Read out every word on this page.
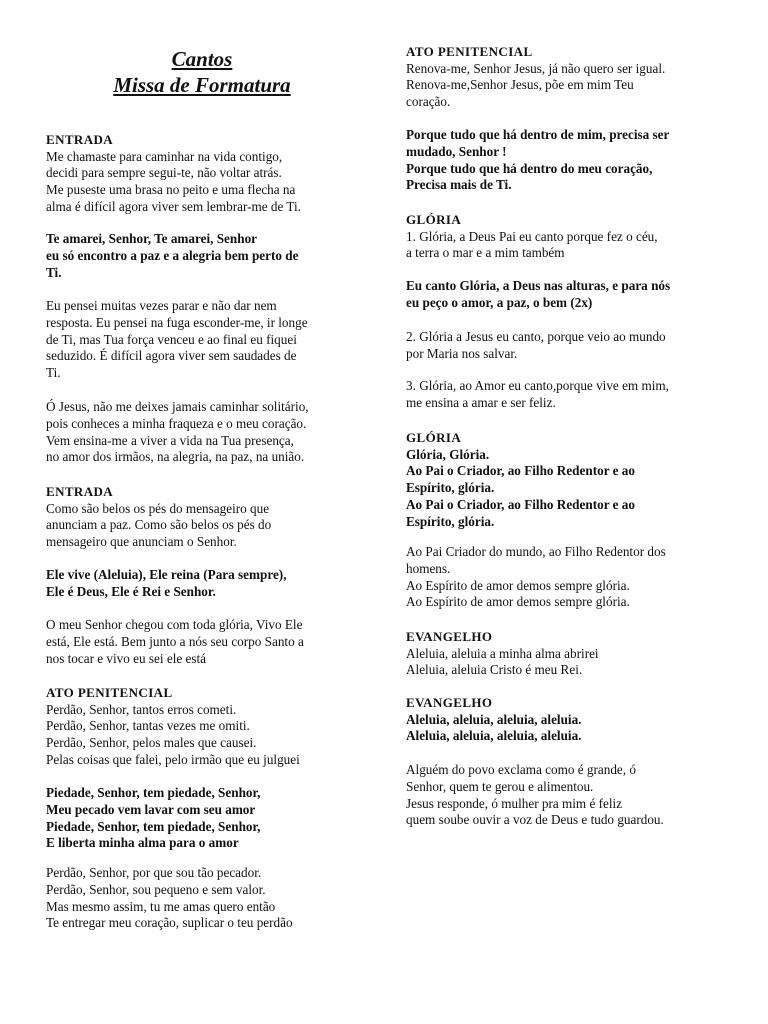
Cantos
Missa de Formatura
ENTRADA
Me chamaste para caminhar na vida contigo,
decidi para sempre segui-te, não voltar atrás.
Me puseste uma brasa no peito e uma flecha na
alma é difícil agora viver sem lembrar-me de Ti.
Te amarei, Senhor, Te amarei, Senhor
eu só encontro a paz e a alegria bem perto de
Ti.
Eu pensei muitas vezes parar e não dar nem
resposta. Eu pensei na fuga esconder-me, ir longe
de Ti, mas Tua força venceu e ao final eu fiquei
seduzido. É difícil agora viver sem saudades de
Ti.
Ó Jesus, não me deixes jamais caminhar solitário,
pois conheces a minha fraqueza e o meu coração.
Vem ensina-me a viver a vida na Tua presença,
no amor dos irmãos, na alegria, na paz, na união.
ENTRADA
Como são belos os pés do mensageiro que
anunciam a paz. Como são belos os pés do
mensageiro que anunciam o Senhor.
Ele vive (Aleluia), Ele reina (Para sempre),
Ele é Deus, Ele é Rei e Senhor.
O meu Senhor chegou com toda glória, Vivo Ele
está, Ele está. Bem junto a nós seu corpo Santo a
nos tocar e vivo eu sei ele está
ATO PENITENCIAL
Perdão, Senhor, tantos erros cometi.
Perdão, Senhor, tantas vezes me omiti.
Perdão, Senhor, pelos males que causei.
Pelas coisas que falei, pelo irmão que eu julguei
Piedade, Senhor, tem piedade, Senhor,
Meu pecado vem lavar com seu amor
Piedade, Senhor, tem piedade, Senhor,
E liberta minha alma para o amor
Perdão, Senhor, por que sou tão pecador.
Perdão, Senhor, sou pequeno e sem valor.
Mas mesmo assim, tu me amas quero então
Te entregar meu coração, suplicar o teu perdão
ATO PENITENCIAL
Renova-me, Senhor Jesus, já não quero ser igual.
Renova-me,Senhor Jesus, põe em mim Teu
coração.
Porque tudo que há dentro de mim, precisa ser
mudado, Senhor !
Porque tudo que há dentro do meu coração,
Precisa mais de Ti.
GLÓRIA
1. Glória, a Deus Pai eu canto porque fez o céu,
a terra o mar e a mim também
Eu canto Glória, a Deus nas alturas, e para nós
eu peço o amor, a paz, o bem (2x)
2. Glória a Jesus eu canto, porque veio ao mundo
por Maria nos salvar.
3. Glória, ao Amor eu canto,porque vive em mim,
me ensina a amar e ser feliz.
GLÓRIA
Glória, Glória.
Ao Pai o Criador, ao Filho Redentor e ao
Espírito, glória.
Ao Pai o Criador, ao Filho Redentor e ao
Espírito, glória.
Ao Pai Criador do mundo, ao Filho Redentor dos
homens.
Ao Espírito de amor demos sempre glória.
Ao Espírito de amor demos sempre glória.
EVANGELHO
Aleluia, aleluia a minha alma abrirei
Aleluia, aleluia Cristo é meu Rei.
EVANGELHO
Aleluia, aleluia, aleluia, aleluia.
Aleluia, aleluia, aleluia, aleluia.
Alguém do povo exclama como é grande, ó
Senhor, quem te gerou e alimentou.
Jesus responde, ó mulher pra mim é feliz
quem soube ouvir a voz de Deus e tudo guardou.
